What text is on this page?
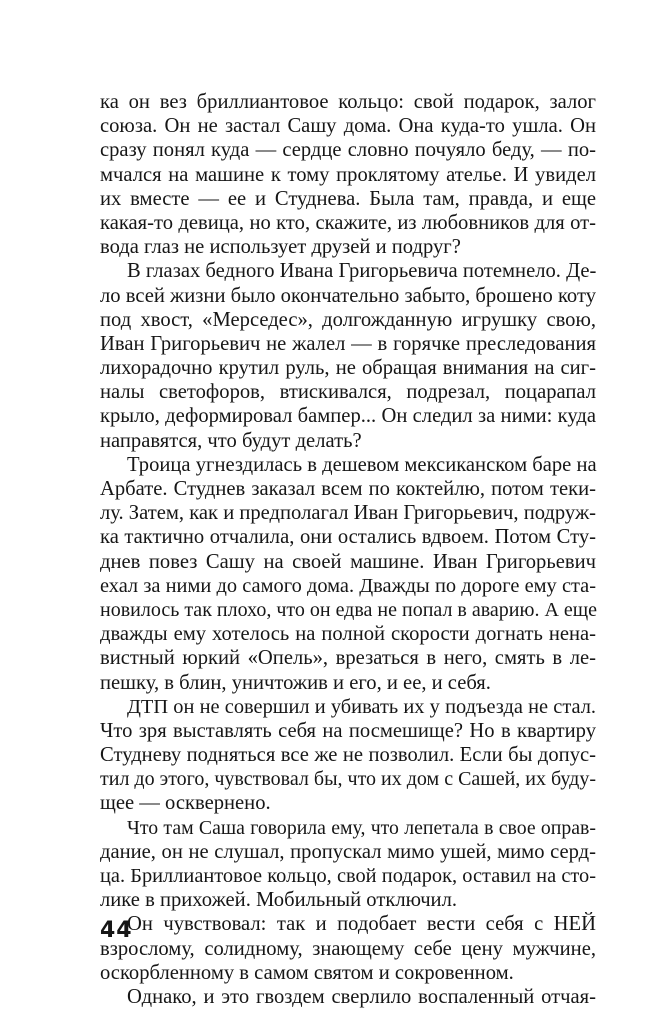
ка он вез бриллиантовое кольцо: свой подарок, залог
союза. Он не застал Сашу дома. Она куда-то ушла. Он
сразу понял куда — сердце словно почуяло беду, — по-
мчался на машине к тому проклятому ателье. И увидел
их вместе — ее и Студнева. Была там, правда, и еще
какая-то девица, но кто, скажите, из любовников для от-
вода глаз не использует друзей и подруг?
В глазах бедного Ивана Григорьевича потемнело. Де-
ло всей жизни было окончательно забыто, брошено коту
под хвост, «Мерседес», долгожданную игрушку свою,
Иван Григорьевич не жалел — в горячке преследования
лихорадочно крутил руль, не обращая внимания на сиг-
налы светофоров, втискивался, подрезал, поцарапал
крыло, деформировал бампер... Он следил за ними: куда
направятся, что будут делать?
Троица угнездилась в дешевом мексиканском баре на
Арбате. Студнев заказал всем по коктейлю, потом теки-
лу. Затем, как и предполагал Иван Григорьевич, подруж-
ка тактично отчалила, они остались вдвоем. Потом Сту-
днев повез Сашу на своей машине. Иван Григорьевич
ехал за ними до самого дома. Дважды по дороге ему ста-
новилось так плохо, что он едва не попал в аварию. А еще
дважды ему хотелось на полной скорости догнать нена-
вистный юркий «Опель», врезаться в него, смять в ле-
пешку, в блин, уничтожив и его, и ее, и себя.
ДТП он не совершил и убивать их у подъезда не стал.
Что зря выставлять себя на посмешище? Но в квартиру
Студневу подняться все же не позволил. Если бы допус-
тил до этого, чувствовал бы, что их дом с Сашей, их буду-
щее — осквернено.
Что там Саша говорила ему, что лепетала в свое оправ-
дание, он не слушал, пропускал мимо ушей, мимо серд-
ца. Бриллиантовое кольцо, свой подарок, оставил на сто-
лике в прихожей. Мобильный отключил.
Он чувствовал: так и подобает вести себя с НЕЙ
взрослому, солидному, знающему себе цену мужчине,
оскорбленному в самом святом и сокровенном.
Однако, и это гвоздем сверлило воспаленный отчая-
44
